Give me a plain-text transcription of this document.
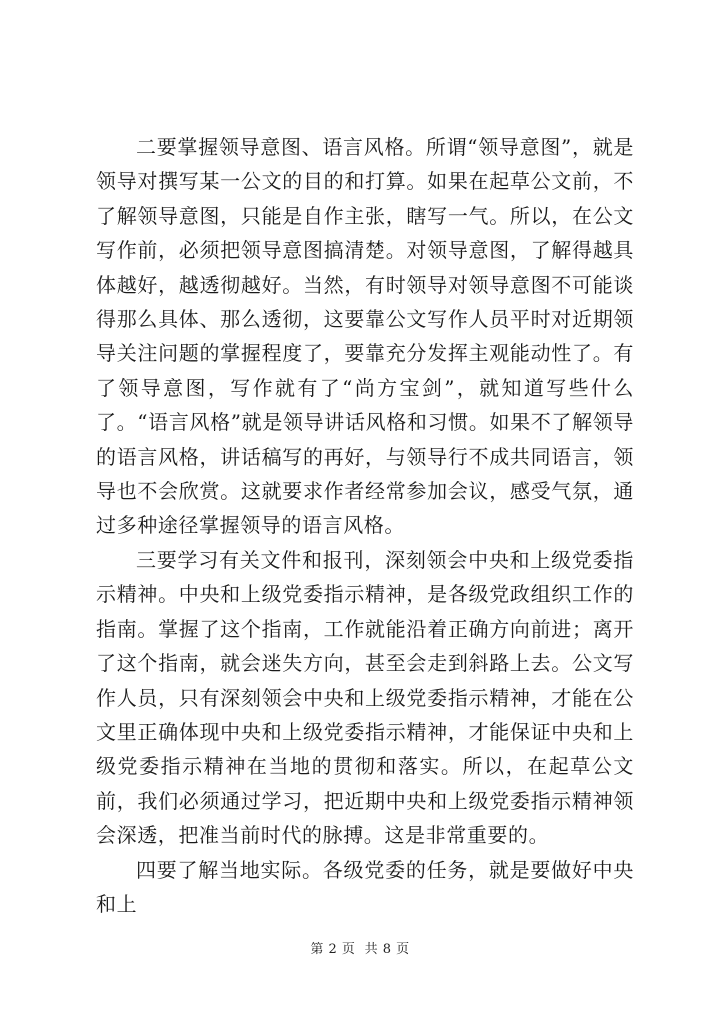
二要掌握领导意图、语言风格。所谓“领导意图”，就是领导对撰写某一公文的目的和打算。如果在起草公文前，不了解领导意图，只能是自作主张，瞎写一气。所以，在公文写作前，必须把领导意图搞清楚。对领导意图，了解得越具体越好，越透彻越好。当然，有时领导对领导意图不可能谈得那么具体、那么透彻，这要靠公文写作人员平时对近期领导关注问题的掌握程度了，要靠充分发挥主观能动性了。有了领导意图，写作就有了“尚方宝剑”，就知道写些什么了。“语言风格”就是领导讲话风格和习惯。如果不了解领导的语言风格，讲话稿写的再好，与领导行不成共同语言，领导也不会欣赏。这就要求作者经常参加会议，感受气氛，通过多种途径掌握领导的语言风格。

三要学习有关文件和报刊，深刻领会中央和上级党委指示精神。中央和上级党委指示精神，是各级党政组织工作的指南。掌握了这个指南，工作就能沿着正确方向前进；离开了这个指南，就会迷失方向，甚至会走到斜路上去。公文写作人员，只有深刻领会中央和上级党委指示精神，才能在公文里正确体现中央和上级党委指示精神，才能保证中央和上级党委指示精神在当地的贯彻和落实。所以，在起草公文前，我们必须通过学习，把近期中央和上级党委指示精神领会深透，把准当前时代的脉搏。这是非常重要的。

四要了解当地实际。各级党委的任务，就是要做好中央和上

第 2 页  共 8 页
